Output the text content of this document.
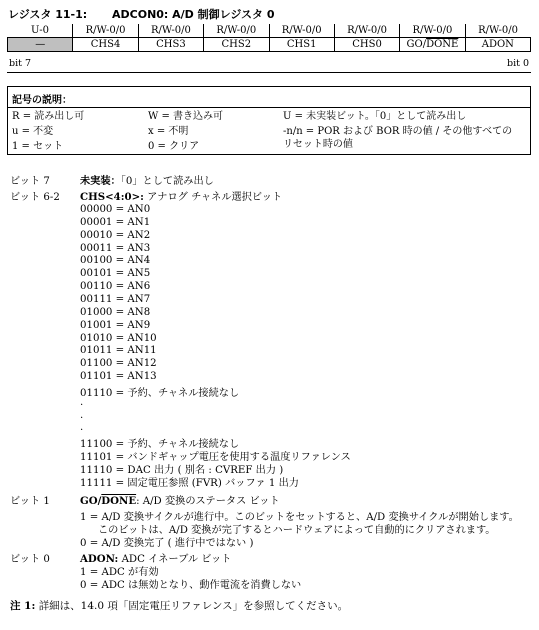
レジスタ 11-1: ADCON0: A/D 制御レジスタ 0
U-0	R/W-0/0	R/W-0/0	R/W-0/0	R/W-0/0	R/W-0/0	R/W-0/0	R/W-0/0
—	CHS4	CHS3	CHS2	CHS1	CHS0	GO/DONE	ADON
bit 7	bit 0
記号の説明：
R = 読み出し可	W = 書き込み可	U = 未実装ビット。「0」として読み出し
u = 不変	x = 不明	-n/n = POR および BOR 時の値 / その他すべての
リセット時の値
1 = セット	0 = クリア
ビット 7	未実装：「0」として読み出し
ビット 6-2 CHS<4:0>: アナログ チャネル選択ビット
00000 = AN0
00001 = AN1
00010 = AN2
00011 = AN3
00100 = AN4
00101 = AN5
00110 = AN6
00111 = AN7
01000 = AN8
01001 = AN9
01010 = AN10
01011 = AN11
01100 = AN12
01101 = AN13
01110 = 予約、チャネル接続なし
.
.
.
11100 = 予約、チャネル接続なし
11101 = バンドギャップ電圧を使用する温度リファレンス
11110 = DAC 出力 ( 別名 : CVREF 出力 )
11111 = 固定電圧参照 (FVR) バッファ 1 出力
ビット 1	GO/DONE: A/D 変換のステータス ビット
1 = A/D 変換サイクルが進行中。このビットをセットすると、A/D 変換サイクルが開始します。
このビットは、A/D 変換が完了するとハードウェアによって自動的にクリアされます。
0 = A/D 変換完了 ( 進行中ではない )
ビット 0	ADON: ADC イネーブル ビット
1 = ADC が有効
0 = ADC は無効となり、動作電流を消費しない
注 1: 詳細は、14.0 項「固定電圧リファレンス」を参照してください。
